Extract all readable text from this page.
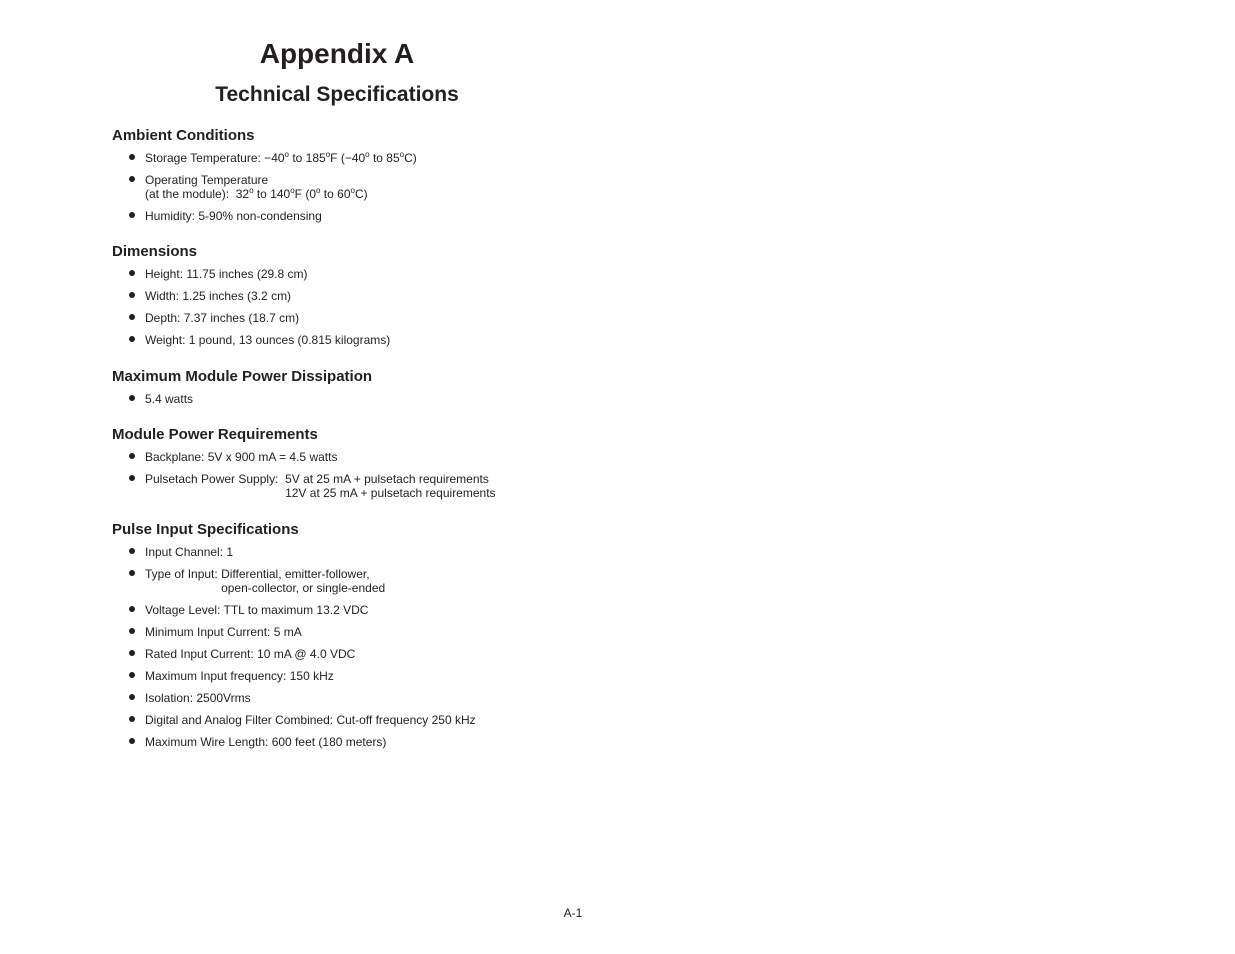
Appendix A
Technical Specifications
Ambient Conditions
Storage Temperature: $-40^o$ to 185$^o$F ($-40^o$ to 85$^o$C)
Operating Temperature
(at the module):  32$^o$ to 140$^o$F (0$^o$ to 60$^o$C)
Humidity: 5-90% non-condensing
Dimensions
Height: 11.75 inches (29.8 cm)
Width: 1.25 inches (3.2 cm)
Depth: 7.37 inches (18.7 cm)
Weight: 1 pound, 13 ounces (0.815 kilograms)
Maximum Module Power Dissipation
5.4 watts
Module Power Requirements
Backplane: 5V x 900 mA = 4.5 watts
Pulsetach Power Supply: 5V at 25 mA + pulsetach requirements
12V at 25 mA + pulsetach requirements
Pulse Input Specifications
Input Channel: 1
Type of Input: Differential, emitter-follower,
open-collector, or single-ended
Voltage Level: TTL to maximum 13.2 VDC
Minimum Input Current: 5 mA
Rated Input Current: 10 mA @ 4.0 VDC
Maximum Input frequency: 150 kHz
Isolation: 2500Vrms
Digital and Analog Filter Combined: Cut-off frequency 250 kHz
Maximum Wire Length: 600 feet (180 meters)
A-1
